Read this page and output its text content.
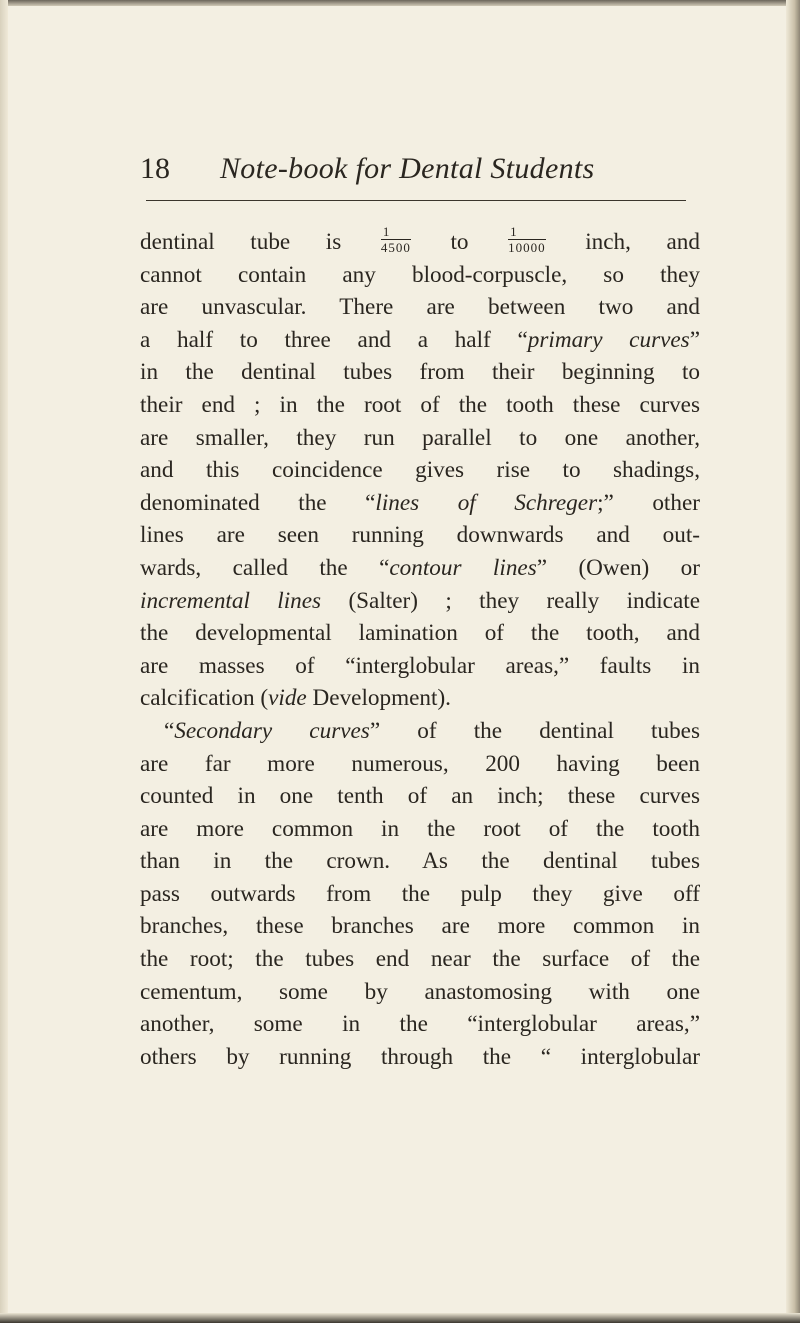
18 Note-book for Dental Students
dentinal tube is	$\frac{1}{4500}$ to	$\frac{1}{10000}$ inch, and
cannot contain any blood-corpuscle, so they
are unvascular. There are between two and
a half to three and a half “primary curves”
in the dentinal tubes from their beginning to
their end ; in the root of the tooth these curves
are smaller, they run parallel to one another,
and this coincidence gives rise to shadings,
denominated the “lines of Schreger;” other
lines are seen running downwards and out-
wards, called the “contour lines” (Owen) or
incremental lines (Salter) ; they really indicate
the developmental lamination of the tooth, and
are masses of “interglobular areas,” faults in
calcification (vide Development).
“Secondary curves” of the dentinal tubes
are far more numerous, 200 having been
counted in one tenth of an inch; these curves
are more common in the root of the tooth
than in the crown. As the dentinal tubes
pass outwards from the pulp they give off
branches, these branches are more common in
the root; the tubes end near the surface of the
cementum, some by anastomosing with one
another, some in the “interglobular areas,”
others by running through the “ interglobular
